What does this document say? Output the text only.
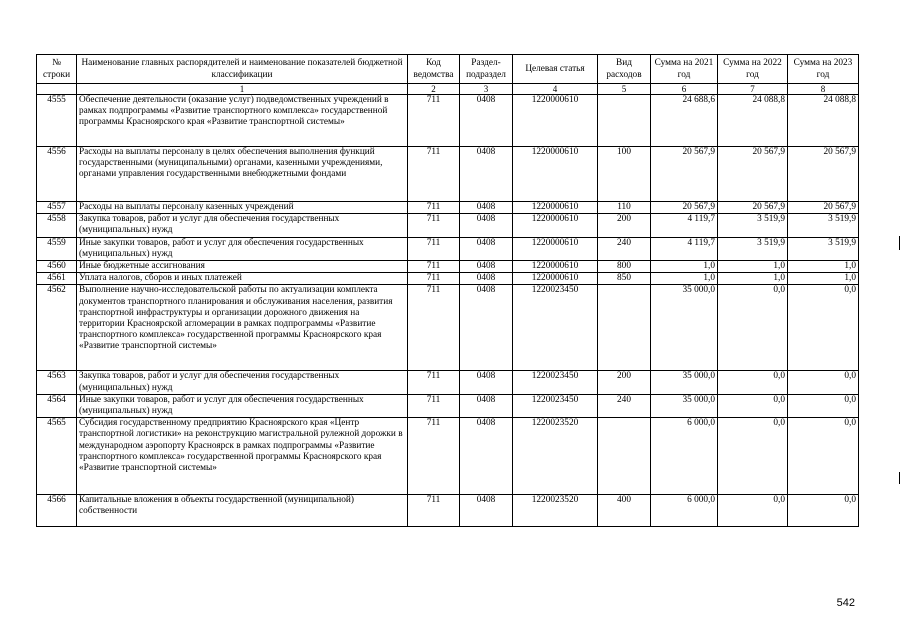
№ строки	Наименование главных распорядителей и наименование показателей бюджетной классификации	Код ведомства	Раздел-подраздел	Целевая статья	Вид расходов	Сумма на 2021 год	Сумма на 2022 год	Сумма на 2023 год
	1	2	3	4	5	6	7	8
4555	Обеспечение деятельности (оказание услуг) подведомственных учреждений в рамках подпрограммы «Развитие транспортного комплекса» государственной программы Красноярского края «Развитие транспортной системы»	711	0408	1220000610		24 688,6	24 088,8	24 088,8
4556	Расходы на выплаты персоналу в целях обеспечения выполнения функций государственными (муниципальными) органами, казенными учреждениями, органами управления государственными внебюджетными фондами	711	0408	1220000610	100	20 567,9	20 567,9	20 567,9
4557	Расходы на выплаты персоналу казенных учреждений	711	0408	1220000610	110	20 567,9	20 567,9	20 567,9
4558	Закупка товаров, работ и услуг для обеспечения государственных (муниципальных) нужд	711	0408	1220000610	200	4 119,7	3 519,9	3 519,9
4559	Иные закупки товаров, работ и услуг для обеспечения государственных (муниципальных) нужд	711	0408	1220000610	240	4 119,7	3 519,9	3 519,9
4560	Иные бюджетные ассигнования	711	0408	1220000610	800	1,0	1,0	1,0
4561	Уплата налогов, сборов и иных платежей	711	0408	1220000610	850	1,0	1,0	1,0
4562	Выполнение научно-исследовательской работы по актуализации комплекта документов транспортного планирования и обслуживания населения, развития транспортной инфраструктуры и организации дорожного движения на территории Красноярской агломерации в рамках подпрограммы «Развитие транспортного комплекса» государственной программы Красноярского края «Развитие транспортной системы»	711	0408	1220023450		35 000,0	0,0	0,0
4563	Закупка товаров, работ и услуг для обеспечения государственных (муниципальных) нужд	711	0408	1220023450	200	35 000,0	0,0	0,0
4564	Иные закупки товаров, работ и услуг для обеспечения государственных (муниципальных) нужд	711	0408	1220023450	240	35 000,0	0,0	0,0
4565	Субсидия государственному предприятию Красноярского края «Центр транспортной логистики» на реконструкцию магистральной рулежной дорожки в международном аэропорту Красноярск в рамках подпрограммы «Развитие транспортного комплекса» государственной программы Красноярского края «Развитие транспортной системы»	711	0408	1220023520		6 000,0	0,0	0,0
4566	Капитальные вложения в объекты государственной (муниципальной) собственности	711	0408	1220023520	400	6 000,0	0,0	0,0
542
